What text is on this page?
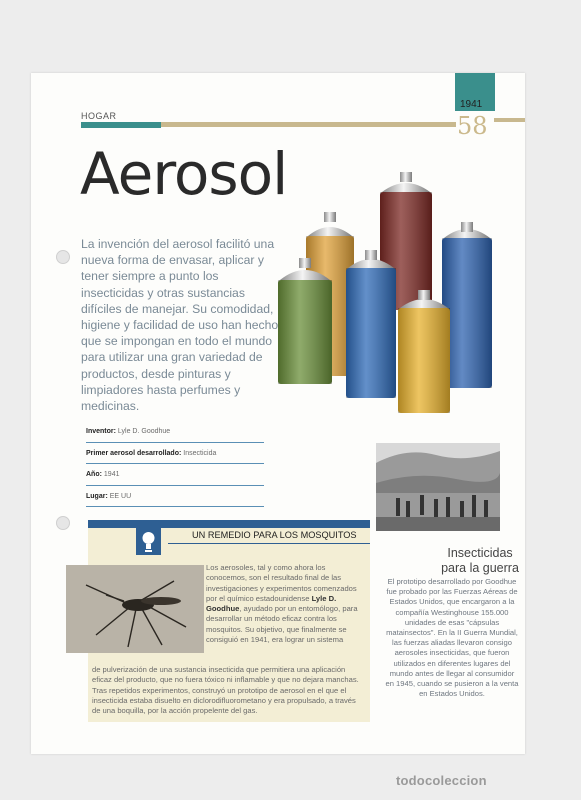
HOGAR
1941
58
Aerosol
La invención del aerosol facilitó una nueva forma de envasar, aplicar y tener siempre a punto los insecticidas y otras sustancias difíciles de manejar. Su comodidad, higiene y facilidad de uso han hecho que se impongan en todo el mundo para utilizar una gran variedad de productos, desde pinturas y limpiadores hasta perfumes y medicinas.
Inventor: Lyle D. Goodhue
Primer aerosol desarrollado: Insecticida
Año: 1941
Lugar: EE UU
Insecticidas
para la guerra
El prototipo desarrollado por Goodhue fue probado por las Fuerzas Aéreas de Estados Unidos, que encargaron a la compañía Westinghouse 155.000 unidades de esas "cápsulas matainsectos". En la II Guerra Mundial, las fuerzas aliadas llevaron consigo aerosoles insecticidas, que fueron utilizados en diferentes lugares del mundo antes de llegar al consumidor en 1945, cuando se pusieron a la venta en Estados Unidos.
UN REMEDIO PARA LOS MOSQUITOS
Los aerosoles, tal y como ahora los conocemos, son el resultado final de las investigaciones y experimentos comenzados por el químico estadounidense Lyle D. Goodhue, ayudado por un entomólogo, para desarrollar un método eficaz contra los mosquitos. Su objetivo, que finalmente se consiguió en 1941, era lograr un sistema
de pulverización de una sustancia insecticida que permitiera una aplicación eficaz del producto, que no fuera tóxico ni inflamable y que no dejara manchas. Tras repetidos experimentos, construyó un prototipo de aerosol en el que el insecticida estaba disuelto en diclorodifluorometano y era propulsado, a través de una boquilla, por la acción propelente del gas.
todocoleccion
